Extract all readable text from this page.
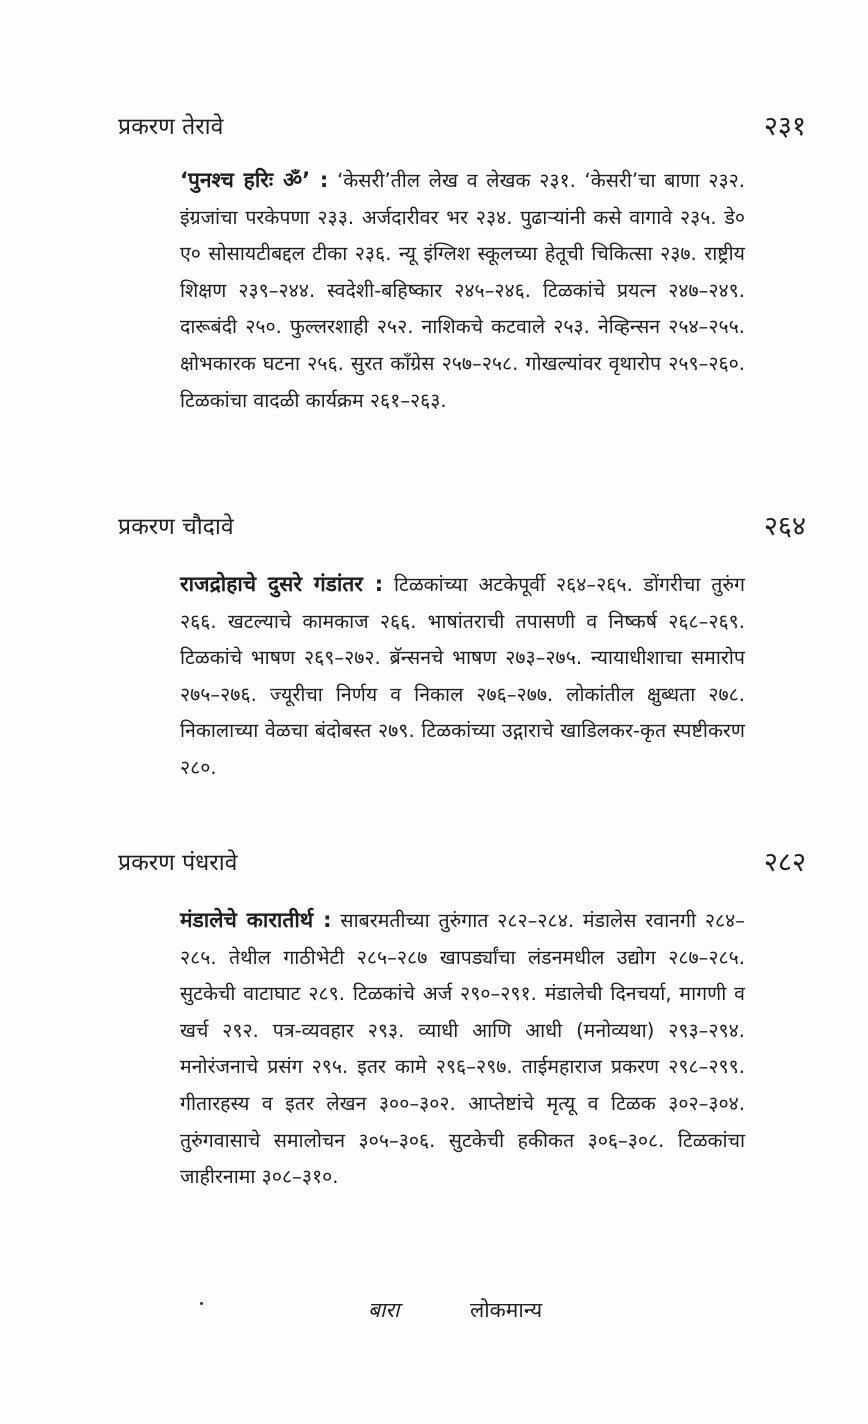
प्रकरण तेरावे	२३१

‘पुनश्च हरिः ॐ’ : ‘केसरी’तील लेख व लेखक २३१. ‘केसरी’चा बाणा २३२. इंग्रजांचा परकेपणा २३३. अर्जदारीवर भर २३४. पुढाऱ्यांनी कसे वागावे २३५. डे० ए० सोसायटीबद्दल टीका २३६. न्यू इंग्लिश स्कूलच्या हेतूची चिकित्सा २३७. राष्ट्रीय शिक्षण २३९–२४४. स्वदेशी-बहिष्कार २४५–२४६. टिळकांचे प्रयत्न २४७–२४९. दारूबंदी २५०. फुल्लरशाही २५२. नाशिकचे कटवाले २५३. नेव्हिन्सन २५४–२५५. क्षोभकारक घटना २५६. सुरत काँग्रेस २५७–२५८. गोखल्यांवर वृथारोप २५९–२६०. टिळकांचा वादळी कार्यक्रम २६१–२६३.

प्रकरण चौदावे	२६४

राजद्रोहाचे दुसरे गंडांतर : टिळकांच्या अटकेपूर्वी २६४–२६५. डोंगरीचा तुरुंग २६६. खटल्याचे कामकाज २६६. भाषांतराची तपासणी व निष्कर्ष २६८–२६९. टिळकांचे भाषण २६९–२७२. ब्रॅन्सनचे भाषण २७३–२७५. न्यायाधीशाचा समारोप २७५–२७६. ज्यूरीचा निर्णय व निकाल २७६–२७७. लोकांतील क्षुब्धता २७८. निकालाच्या वेळचा बंदोबस्त २७९. टिळकांच्या उद्गाराचे खाडिलकर-कृत स्पष्टीकरण २८०.

प्रकरण पंधरावे	२८२

मंडालेचे कारातीर्थ : साबरमतीच्या तुरुंगात २८२–२८४. मंडालेस रवानगी २८४–२८५. तेथील गाठीभेटी २८५–२८७ खापर्ड्यांचा लंडनमधील उद्योग २८७–२८५. सुटकेची वाटाघाट २८९. टिळकांचे अर्ज २९०–२९१. मंडालेची दिनचर्या, मागणी व खर्च २९२. पत्र-व्यवहार २९३. व्याधी आणि आधी (मनोव्यथा) २९३–२९४. मनोरंजनाचे प्रसंग २९५. इतर कामे २९६–२९७. ताईमहाराज प्रकरण २९८–२९९. गीतारहस्य व इतर लेखन ३००–३०२. आप्तेष्टांचे मृत्यू व टिळक ३०२–३०४. तुरुंगवासाचे समालोचन ३०५–३०६. सुटकेची हकीकत ३०६–३०८. टिळकांचा जाहीरनामा ३०८–३१०.

बारा	लोकमान्य
